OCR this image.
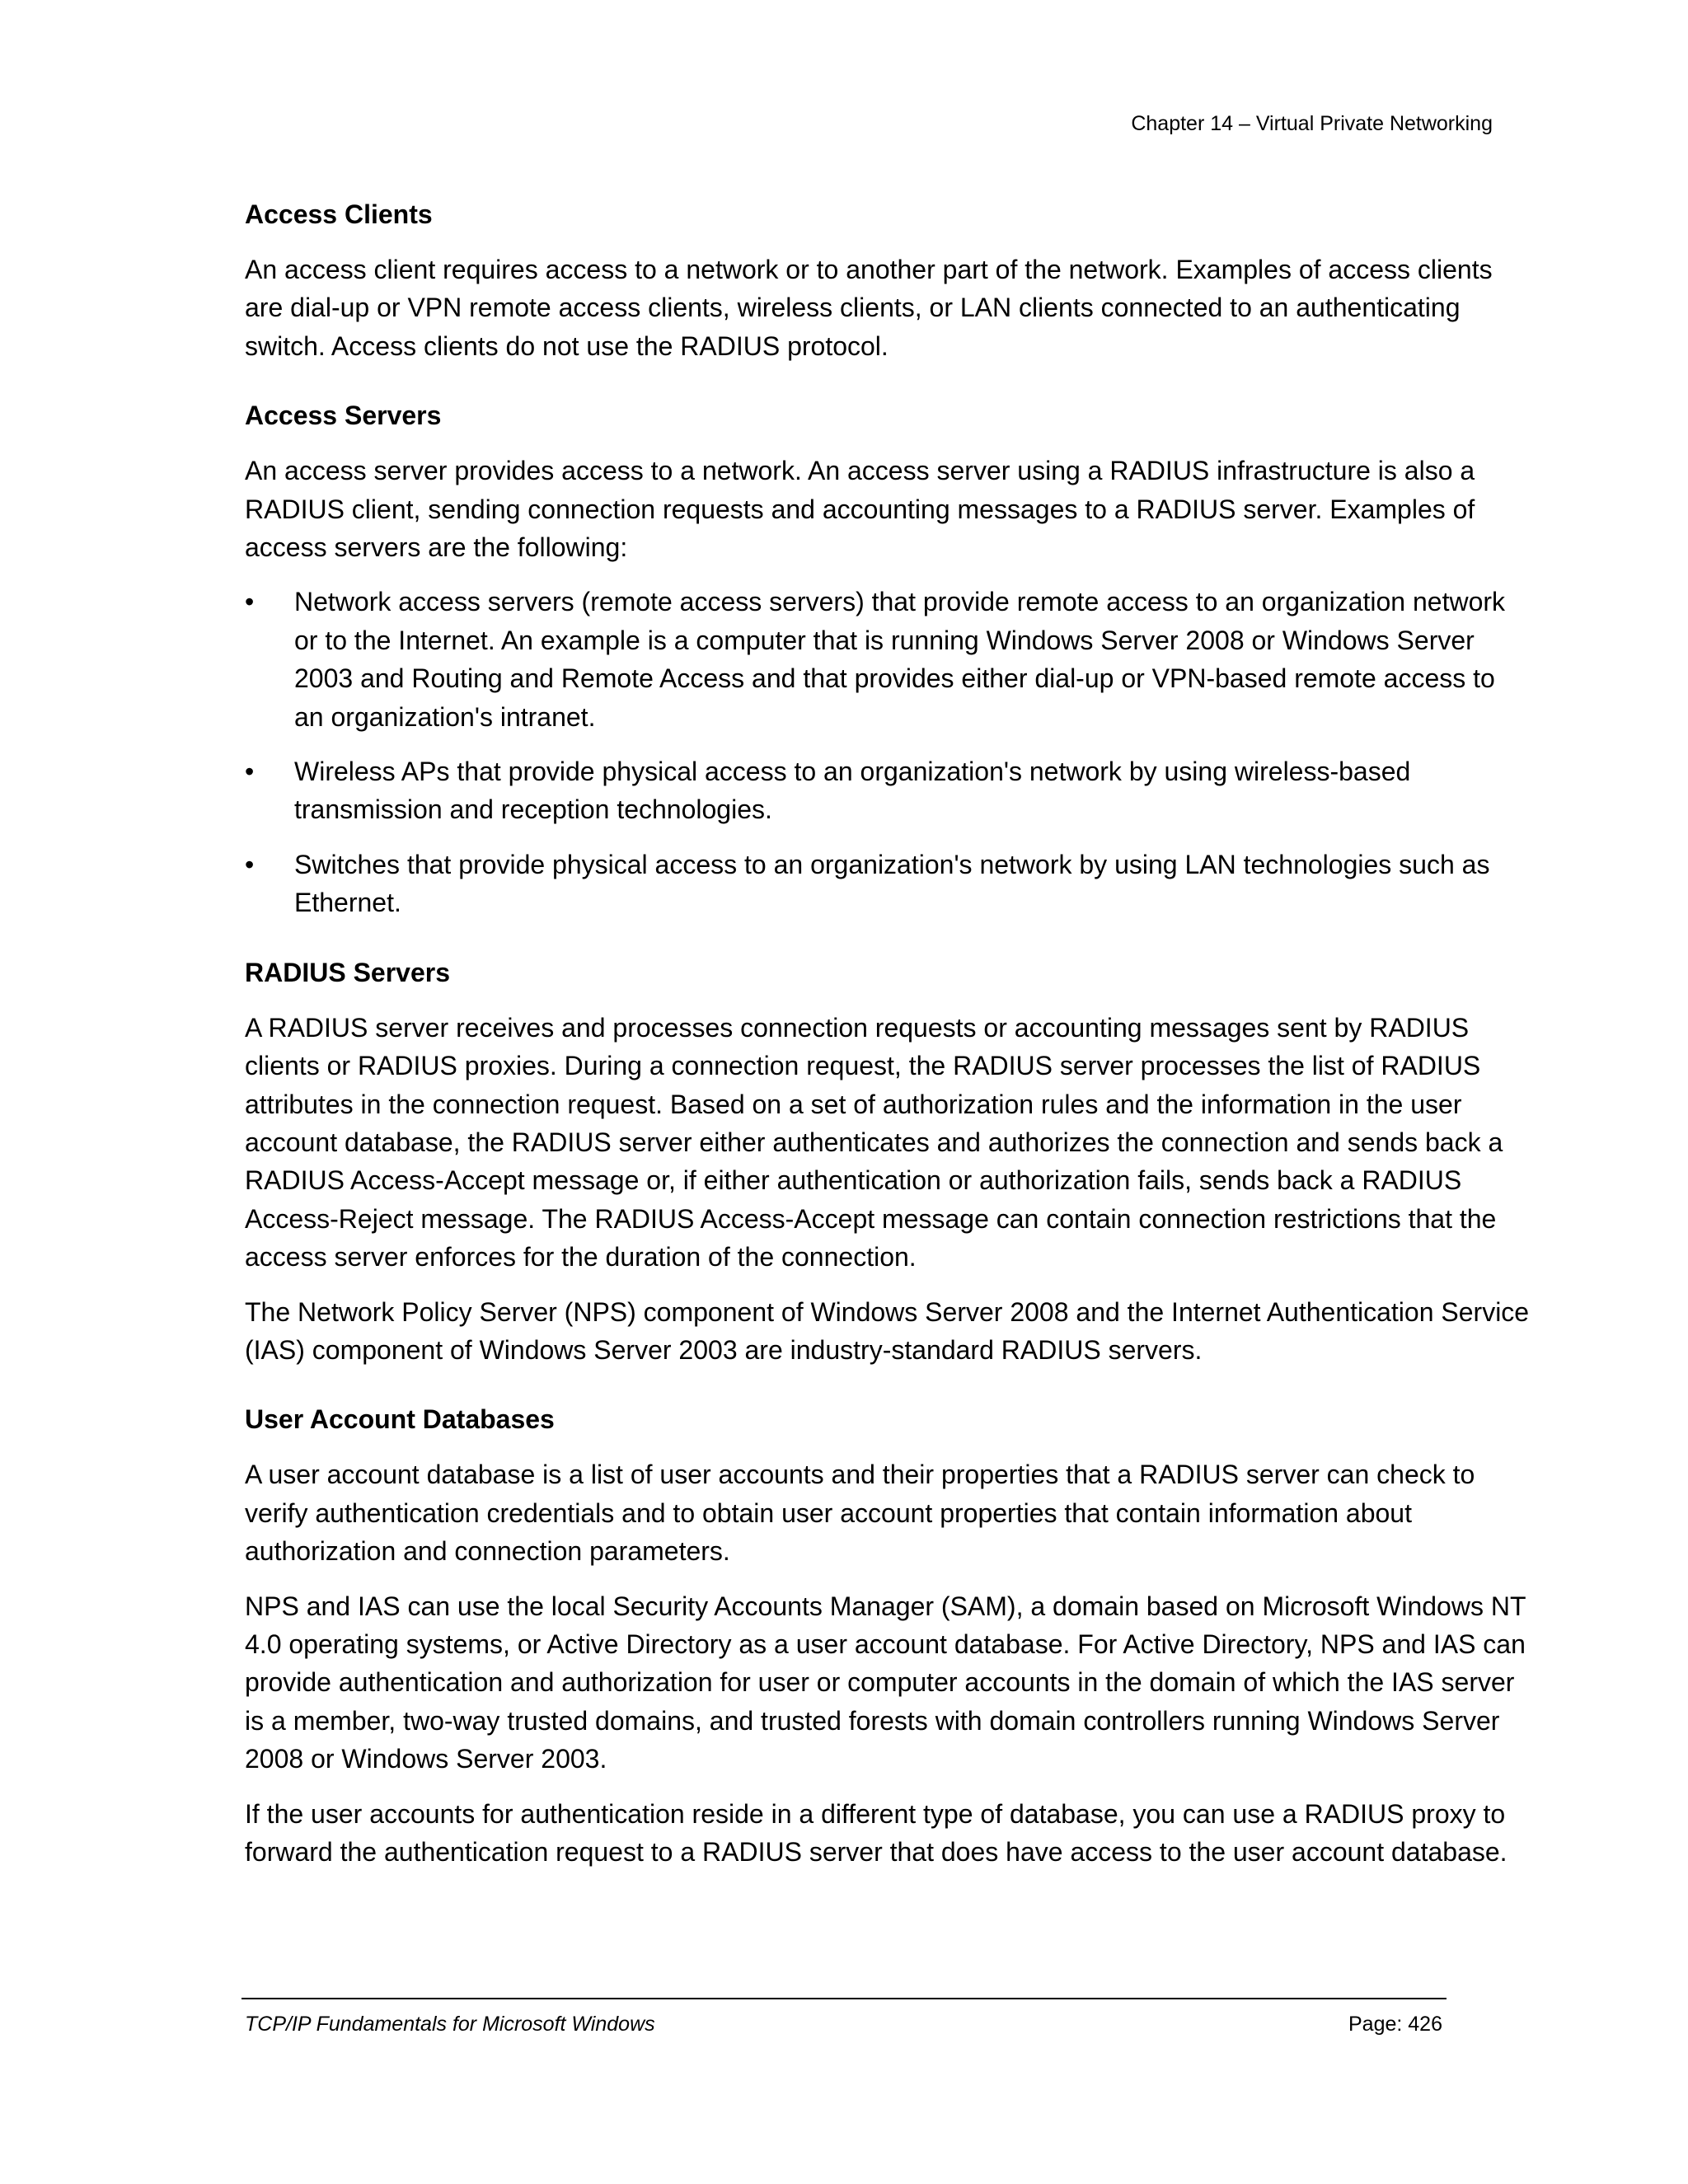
Chapter 14 – Virtual Private Networking
Access Clients

An access client requires access to a network or to another part of the network. Examples of access clients are dial-up or VPN remote access clients, wireless clients, or LAN clients connected to an authenticating switch. Access clients do not use the RADIUS protocol.

Access Servers

An access server provides access to a network. An access server using a RADIUS infrastructure is also a RADIUS client, sending connection requests and accounting messages to a RADIUS server. Examples of access servers are the following:

• Network access servers (remote access servers) that provide remote access to an organization network or to the Internet. An example is a computer that is running Windows Server 2008 or Windows Server 2003 and Routing and Remote Access and that provides either dial-up or VPN-based remote access to an organization's intranet.
• Wireless APs that provide physical access to an organization's network by using wireless-based transmission and reception technologies.
• Switches that provide physical access to an organization's network by using LAN technologies such as Ethernet.
RADIUS Servers

A RADIUS server receives and processes connection requests or accounting messages sent by RADIUS clients or RADIUS proxies. During a connection request, the RADIUS server processes the list of RADIUS attributes in the connection request. Based on a set of authorization rules and the information in the user account database, the RADIUS server either authenticates and authorizes the connection and sends back a RADIUS Access-Accept message or, if either authentication or authorization fails, sends back a RADIUS Access-Reject message. The RADIUS Access-Accept message can contain connection restrictions that the access server enforces for the duration of the connection.

The Network Policy Server (NPS) component of Windows Server 2008 and the Internet Authentication Service (IAS) component of Windows Server 2003 are industry-standard RADIUS servers.

User Account Databases

A user account database is a list of user accounts and their properties that a RADIUS server can check to verify authentication credentials and to obtain user account properties that contain information about authorization and connection parameters.

NPS and IAS can use the local Security Accounts Manager (SAM), a domain based on Microsoft Windows NT 4.0 operating systems, or Active Directory as a user account database. For Active Directory, NPS and IAS can provide authentication and authorization for user or computer accounts in the domain of which the IAS server is a member, two-way trusted domains, and trusted forests with domain controllers running Windows Server 2008 or Windows Server 2003.

If the user accounts for authentication reside in a different type of database, you can use a RADIUS proxy to forward the authentication request to a RADIUS server that does have access to the user account database.

TCP/IP Fundamentals for Microsoft Windows	Page: 426
